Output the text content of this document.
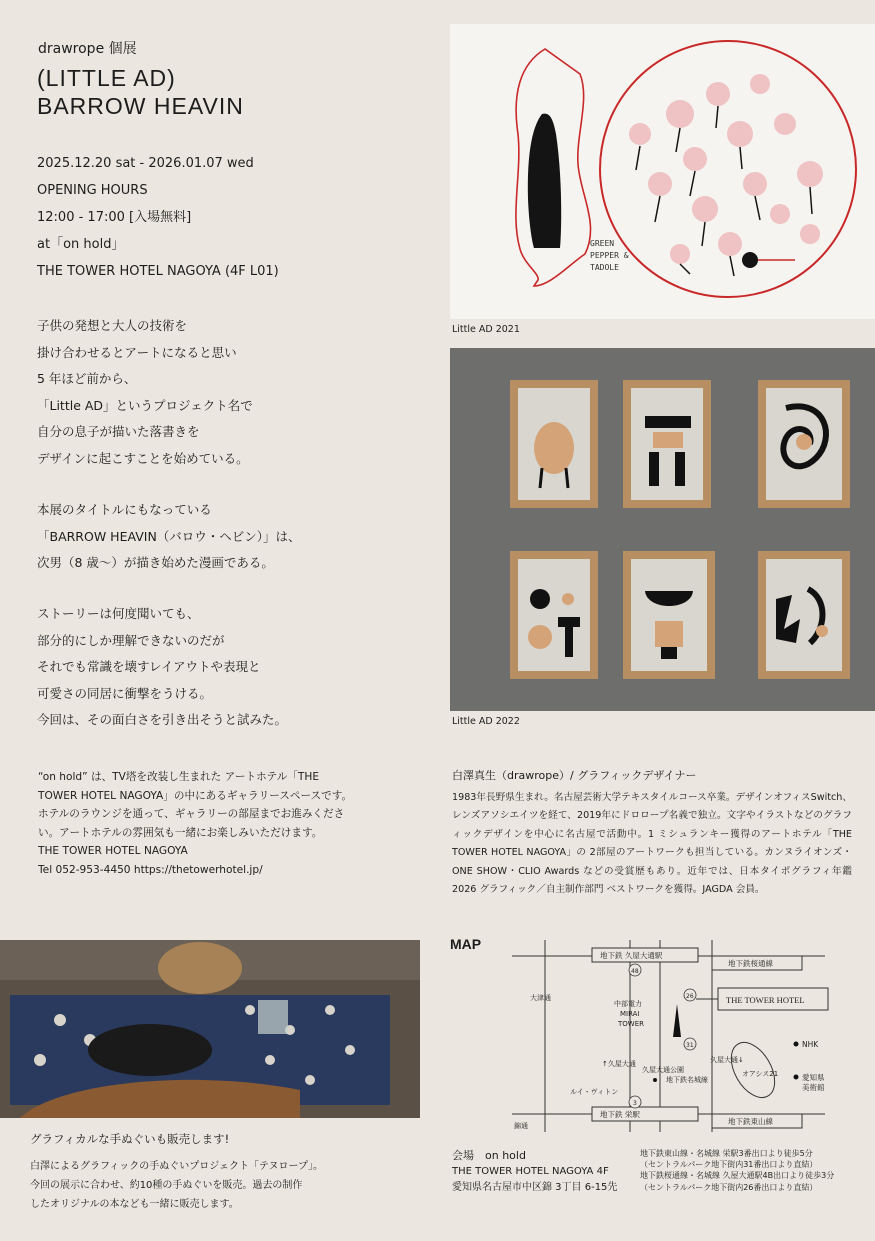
drawrope 個展
(LITTLE AD)
BARROW HEAVIN
2025.12.20 sat - 2026.01.07 wed
OPENING HOURS
12:00 - 17:00 [入場無料]
at「on hold」
THE TOWER HOTEL NAGOYA (4F L01)
子供の発想と大人の技術を
掛け合わせるとアートになると思い
5 年ほど前から、
「Little AD」というプロジェクト名で
自分の息子が描いた落書きを
デザインに起こすことを始めている。
本展のタイトルにもなっている
「BARROW HEAVIN（バロウ・ヘビン）」は、
次男（8 歳〜）が描き始めた漫画である。
ストーリーは何度聞いても、
部分的にしか理解できないのだが
それでも常識を壊すレイアウトや表現と
可愛さの同居に衝撃をうける。
今回は、その面白さを引き出そうと試みた。
“on hold” は、TV塔を改装し生まれた アートホテル「THE
TOWER HOTEL NAGOYA」の中にあるギャラリースペースです。
ホテルのラウンジを通って、ギャラリーの部屋までお進みくださ
い。アートホテルの雰囲気も一緒にお楽しみいただけます。
THE TOWER HOTEL NAGOYA
Tel 052-953-4450 https://thetowerhotel.jp/
GREEN
PEPPER &
TADOLE
Little AD 2021
Little AD 2022
白澤真生（drawrope）/ グラフィックデザイナー
1983年長野県生まれ。名古屋芸術大学テキスタイルコース卒業。デザインオフィスSwitch、レンズアソシエイツを経て、2019年にドロロープ名義で独立。文字やイラストなどのグラフィックデザインを中心に名古屋で活動中。1 ミシュランキー獲得のアートホテル「THE TOWER HOTEL NAGOYA」の 2部屋のアートワークも担当している。カンヌライオンズ・ONE SHOW・CLIO Awards などの受賞歴もあり。近年では、日本タイポグラフィ年鑑 2026 グラフィック／自主制作部門 ベストワークを獲得。JAGDA 会員。
MAP
地下鉄 久屋大通駅
地下鉄桜通線
地下鉄 栄駅
地下鉄東山線
THE TOWER HOTEL
中部電力
MIRAI
TOWER
大津通
錦通
↑久屋大通
久屋大通公園
地下鉄名城線
久屋大通↓
オアシス21
NHK
愛知県
美術館
ルイ・ヴィトン
48
26
31
3
会場　on hold
THE TOWER HOTEL NAGOYA 4F
愛知県名古屋市中区錦 3丁目 6-15先
地下鉄東山線・名城線 栄駅3番出口より徒歩5分
（セントラルパーク地下街内31番出口より直結）
地下鉄桜通線・名城線 久屋大通駅4B出口より徒歩3分
（セントラルパーク地下街内26番出口より直結）
グラフィカルな手ぬぐいも販売します!
白澤によるグラフィックの手ぬぐいプロジェクト「テヌロープ」。
今回の展示に合わせ、約10種の手ぬぐいを販売。過去の制作
したオリジナルの本なども一緒に販売します。
